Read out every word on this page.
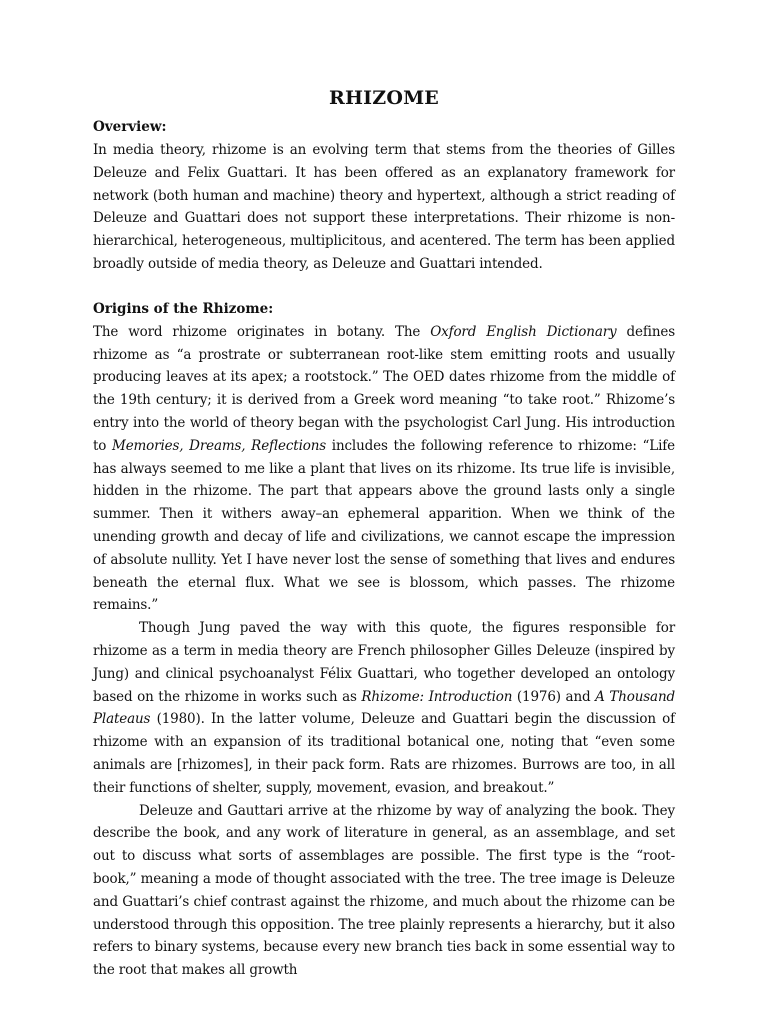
RHIZOME
Overview:

In media theory, rhizome is an evolving term that stems from the theories of Gilles Deleuze and Felix Guattari. It has been offered as an explanatory framework for network (both human and machine) theory and hypertext, although a strict reading of Deleuze and Guattari does not support these interpretations. Their rhizome is non-hierarchical, heterogeneous, multiplicitous, and acentered. The term has been applied broadly outside of media theory, as Deleuze and Guattari intended.

Origins of the Rhizome:

The word rhizome originates in botany. The Oxford English Dictionary defines rhizome as “a prostrate or subterranean root-like stem emitting roots and usually producing leaves at its apex; a rootstock.” The OED dates rhizome from the middle of the 19th century; it is derived from a Greek word meaning “to take root.” Rhizome’s entry into the world of theory began with the psychologist Carl Jung. His introduction to Memories, Dreams, Reflections includes the following reference to rhizome: “Life has always seemed to me like a plant that lives on its rhizome. Its true life is invisible, hidden in the rhizome. The part that appears above the ground lasts only a single summer. Then it withers away–an ephemeral apparition. When we think of the unending growth and decay of life and civilizations, we cannot escape the impression of absolute nullity. Yet I have never lost the sense of something that lives and endures beneath the eternal flux. What we see is blossom, which passes. The rhizome remains.”

Though Jung paved the way with this quote, the figures responsible for rhizome as a term in media theory are French philosopher Gilles Deleuze (inspired by Jung) and clinical psychoanalyst Félix Guattari, who together developed an ontology based on the rhizome in works such as Rhizome: Introduction (1976) and A Thousand Plateaus (1980). In the latter volume, Deleuze and Guattari begin the discussion of rhizome with an expansion of its traditional botanical one, noting that “even some animals are [rhizomes], in their pack form. Rats are rhizomes. Burrows are too, in all their functions of shelter, supply, movement, evasion, and breakout.”

Deleuze and Gauttari arrive at the rhizome by way of analyzing the book. They describe the book, and any work of literature in general, as an assemblage, and set out to discuss what sorts of assemblages are possible. The first type is the “root-book,” meaning a mode of thought associated with the tree. The tree image is Deleuze and Guattari’s chief contrast against the rhizome, and much about the rhizome can be understood through this opposition. The tree plainly represents a hierarchy, but it also refers to binary systems, because every new branch ties back in some essential way to the root that makes all growth
